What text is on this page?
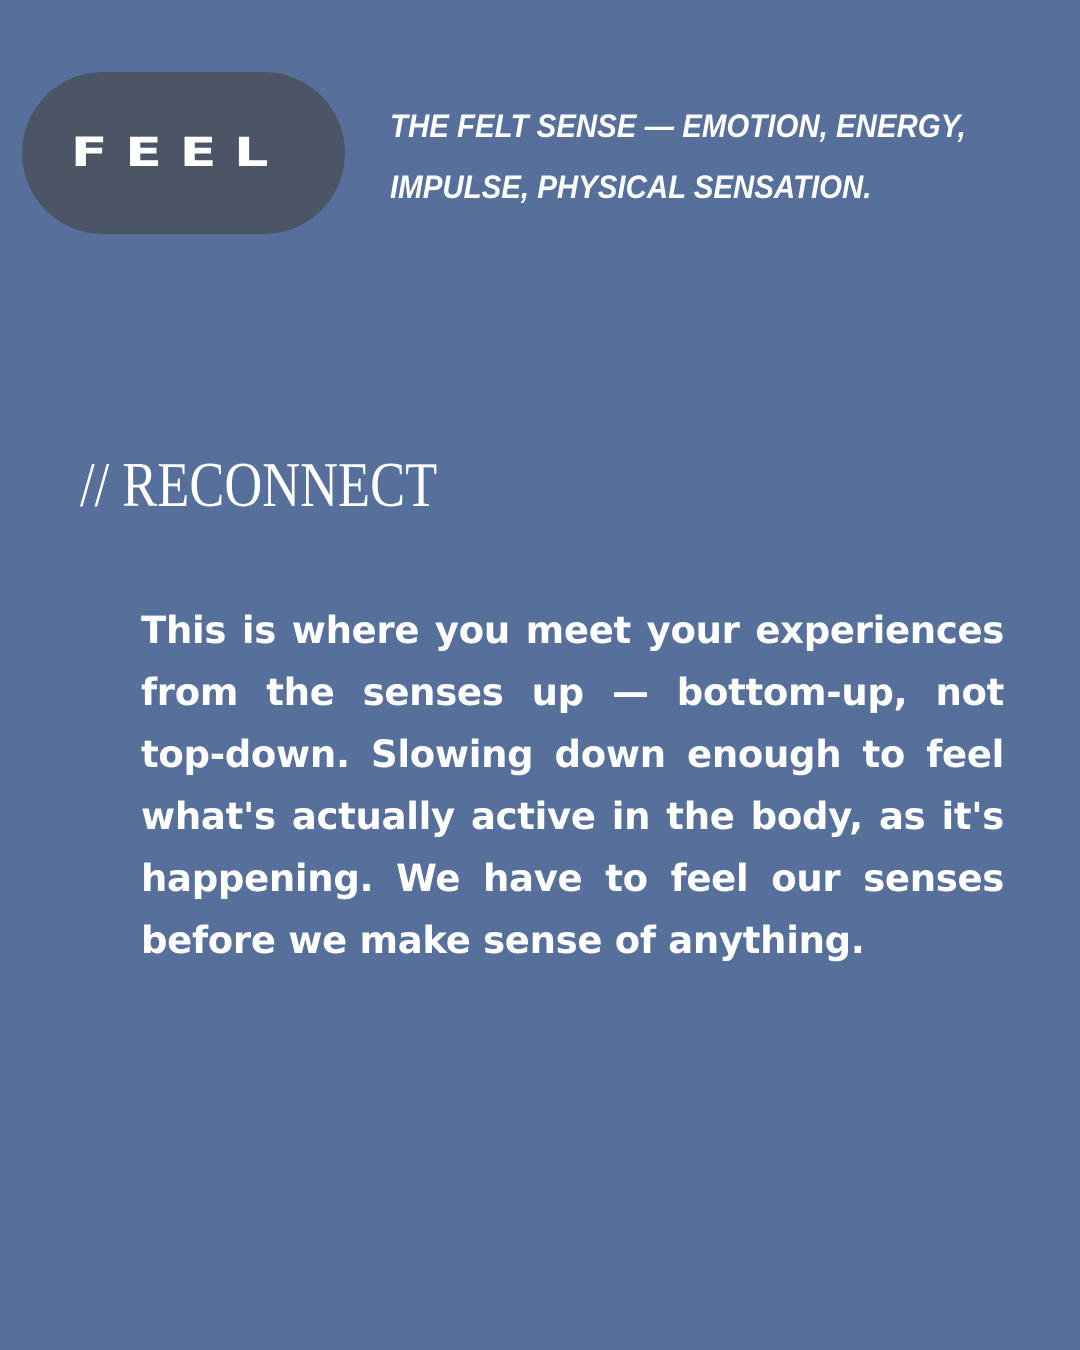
FEEL

THE FELT SENSE — EMOTION, ENERGY,
IMPULSE, PHYSICAL SENSATION.

// RECONNECT

This is where you meet your experiences from the senses up — bottom-up, not top-down. Slowing down enough to feel what's actually active in the body, as it's happening. We have to feel our senses before we make sense of anything.
